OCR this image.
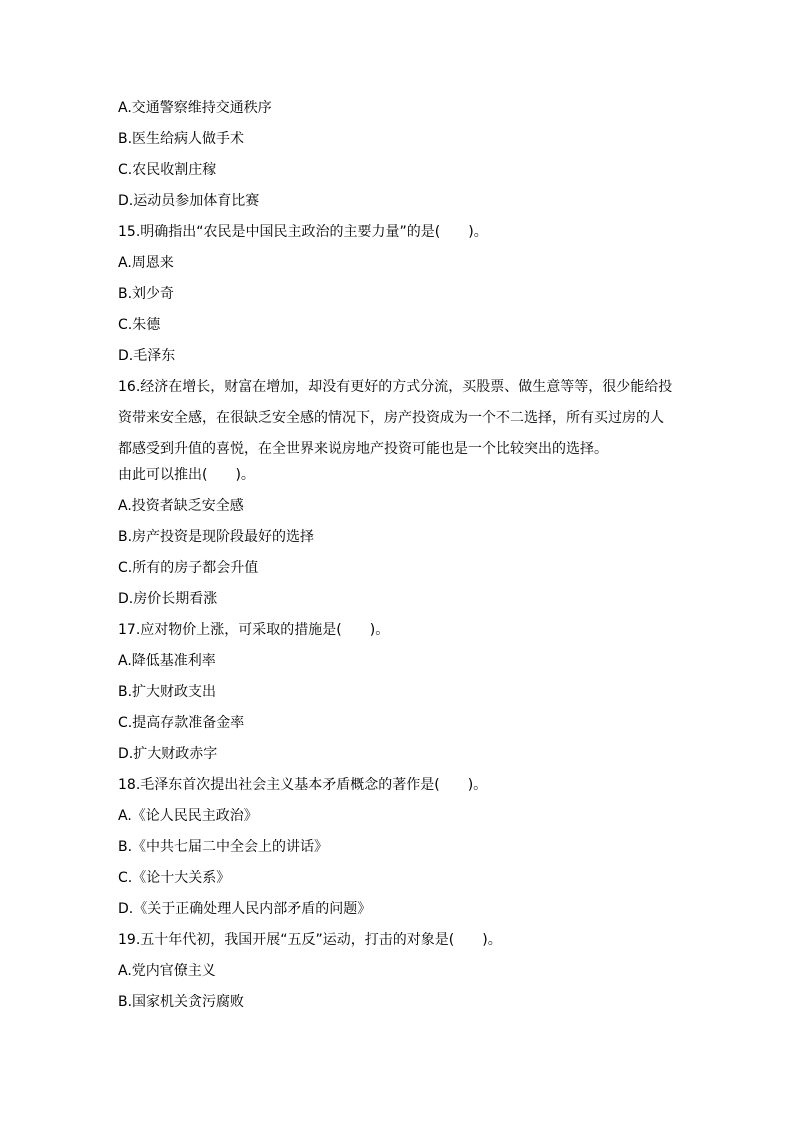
A.交通警察维持交通秩序
B.医生给病人做手术
C.农民收割庄稼
D.运动员参加体育比赛
15.明确指出“农民是中国民主政治的主要力量”的是(　　)。
A.周恩来
B.刘少奇
C.朱德
D.毛泽东
16.经济在增长，财富在增加，却没有更好的方式分流，买股票、做生意等等，很少能给投
资带来安全感，在很缺乏安全感的情况下，房产投资成为一个不二选择，所有买过房的人
都感受到升值的喜悦，在全世界来说房地产投资可能也是一个比较突出的选择。
由此可以推出(　　)。
A.投资者缺乏安全感
B.房产投资是现阶段最好的选择
C.所有的房子都会升值
D.房价长期看涨
17.应对物价上涨，可采取的措施是(　　)。
A.降低基准利率
B.扩大财政支出
C.提高存款准备金率
D.扩大财政赤字
18.毛泽东首次提出社会主义基本矛盾概念的著作是(　　)。
A.《论人民民主政治》
B.《中共七届二中全会上的讲话》
C.《论十大关系》
D.《关于正确处理人民内部矛盾的问题》
19.五十年代初，我国开展“五反”运动，打击的对象是(　　)。
A.党内官僚主义
B.国家机关贪污腐败
